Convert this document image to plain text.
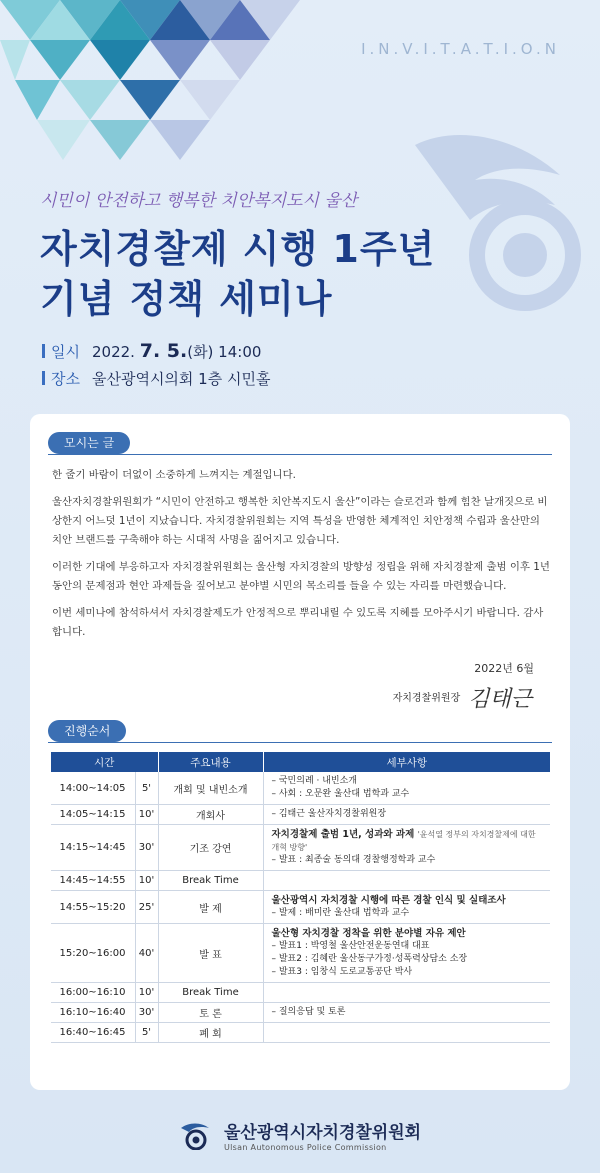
I.N.V.I.T.A.T.I.O.N
시민이 안전하고 행복한 치안복지도시 울산
자치경찰제 시행 1주년
기념 정책 세미나
일시 2022. 7. 5.(화) 14:00
장소 울산광역시의회 1층 시민홀
모시는 글

한 줄기 바람이 더없이 소중하게 느껴지는 계절입니다.

울산자치경찰위원회가 “시민이 안전하고 행복한 치안복지도시 울산”이라는 슬로건과 함께 힘찬 날개짓으로 비상한지 어느덧 1년이 지났습니다. 자치경찰위원회는 지역 특성을 반영한 체계적인 치안정책 수립과 울산만의 치안 브랜드를 구축해야 하는 시대적 사명을 짊어지고 있습니다.

이러한 기대에 부응하고자 자치경찰위원회는 울산형 자치경찰의 방향성 정립을 위해 자치경찰제 출범 이후 1년 동안의 문제점과 현안 과제들을 짚어보고 분야별 시민의 목소리를 들을 수 있는 자리를 마련했습니다.

이번 세미나에 참석하셔서 자치경찰제도가 안정적으로 뿌리내릴 수 있도록 지혜를 모아주시기 바랍니다. 감사합니다.

2022년 6월
자치경찰위원장 김태근
진행순서
시간		주요내용	세부사항
14:00~14:05	5'	개회 및 내빈소개	– 국민의례 · 내빈소개
– 사회 : 오문완 울산대 법학과 교수

14:05~14:15	10'	개회사	– 김태근 울산자치경찰위원장

14:15~14:45	30'	기조 강연	자치경찰제 출범 1년, 성과와 과제 '윤석열 정부의 자치경찰제에 대한 개혁 방향'
– 발표 : 최종술 동의대 경찰행정학과 교수

14:45~14:55	10'	Break Time	
14:55~15:20	25'	발 제	울산광역시 자치경찰 시행에 따른 경찰 인식 및 실태조사
– 발제 : 배미란 울산대 법학과 교수

15:20~16:00	40'	발 표	울산형 자치경찰 정착을 위한 분야별 자유 제안
– 발표1 : 박영철 울산안전운동연대 대표
– 발표2 : 김혜란 울산동구가정·성폭력상담소 소장
– 발표3 : 임창식 도로교통공단 박사

16:00~16:10	10'	Break Time	
16:10~16:40	30'	토 론	– 질의응답 및 토론

16:40~16:45	5'	폐 회	

울산광역시자치경찰위원회
Ulsan Autonomous Police Commission
